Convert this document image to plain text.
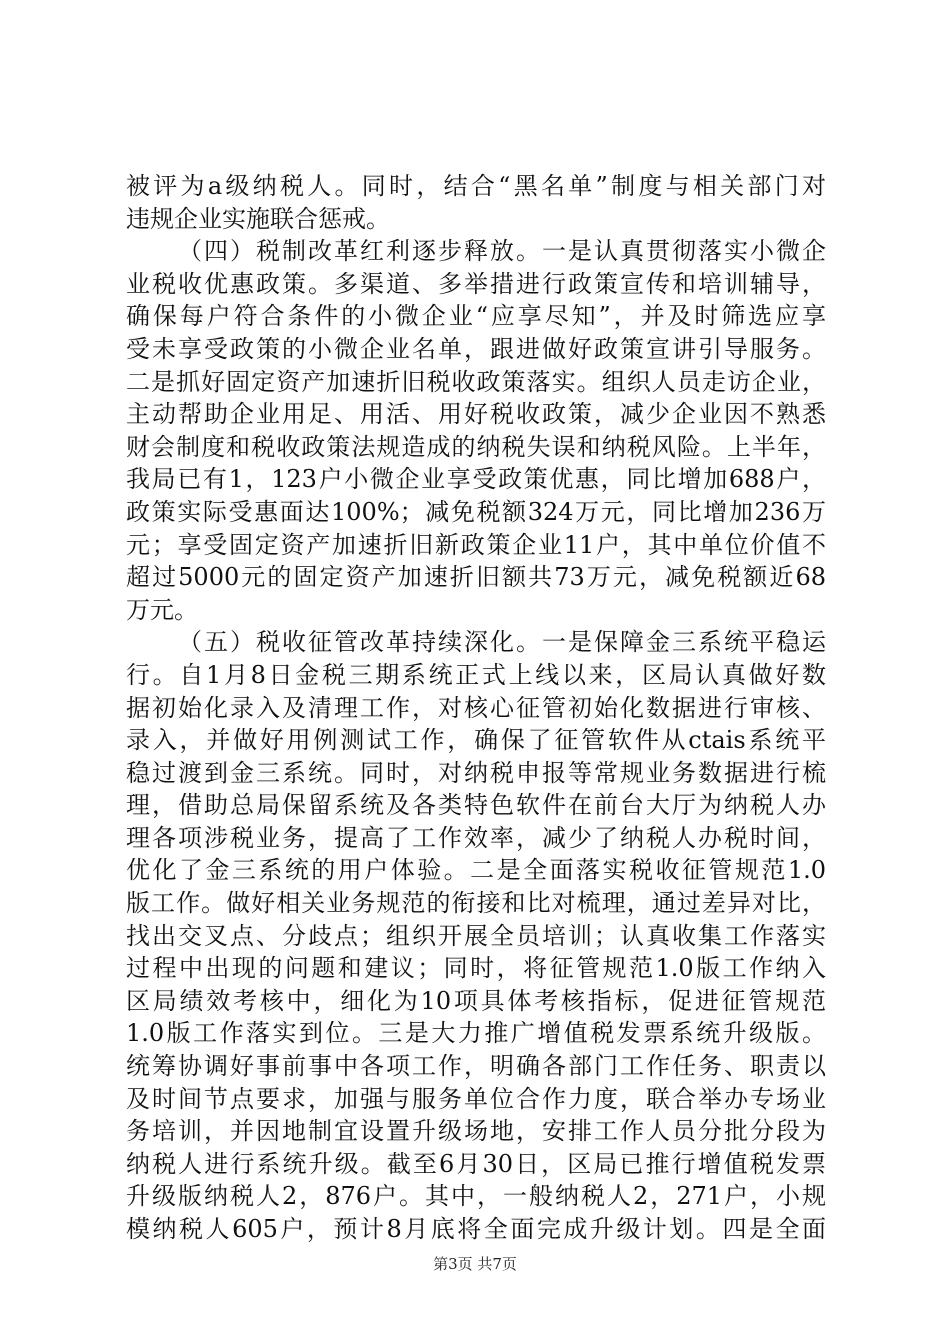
被评为a级纳税人。同时，结合“黑名单”制度与相关部门对
违规企业实施联合惩戒。
（四）税制改革红利逐步释放。一是认真贯彻落实小微企
业税收优惠政策。多渠道、多举措进行政策宣传和培训辅导，
确保每户符合条件的小微企业“应享尽知”，并及时筛选应享
受未享受政策的小微企业名单，跟进做好政策宣讲引导服务。
二是抓好固定资产加速折旧税收政策落实。组织人员走访企业，
主动帮助企业用足、用活、用好税收政策，减少企业因不熟悉
财会制度和税收政策法规造成的纳税失误和纳税风险。上半年，
我局已有1，123户小微企业享受政策优惠，同比增加688户，
政策实际受惠面达100%；减免税额324万元，同比增加236万
元；享受固定资产加速折旧新政策企业11户，其中单位价值不
超过5000元的固定资产加速折旧额共73万元，减免税额近68
万元。
（五）税收征管改革持续深化。一是保障金三系统平稳运
行。自1月8日金税三期系统正式上线以来，区局认真做好数
据初始化录入及清理工作，对核心征管初始化数据进行审核、
录入，并做好用例测试工作，确保了征管软件从ctais系统平
稳过渡到金三系统。同时，对纳税申报等常规业务数据进行梳
理，借助总局保留系统及各类特色软件在前台大厅为纳税人办
理各项涉税业务，提高了工作效率，减少了纳税人办税时间，
优化了金三系统的用户体验。二是全面落实税收征管规范1.0
版工作。做好相关业务规范的衔接和比对梳理，通过差异对比，
找出交叉点、分歧点；组织开展全员培训；认真收集工作落实
过程中出现的问题和建议；同时，将征管规范1.0版工作纳入
区局绩效考核中，细化为10项具体考核指标，促进征管规范
1.0版工作落实到位。三是大力推广增值税发票系统升级版。
统筹协调好事前事中各项工作，明确各部门工作任务、职责以
及时间节点要求，加强与服务单位合作力度，联合举办专场业
务培训，并因地制宜设置升级场地，安排工作人员分批分段为
纳税人进行系统升级。截至6月30日，区局已推行增值税发票
升级版纳税人2，876户。其中，一般纳税人2，271户，小规
模纳税人605户，预计8月底将全面完成升级计划。四是全面
第3页 共7页
